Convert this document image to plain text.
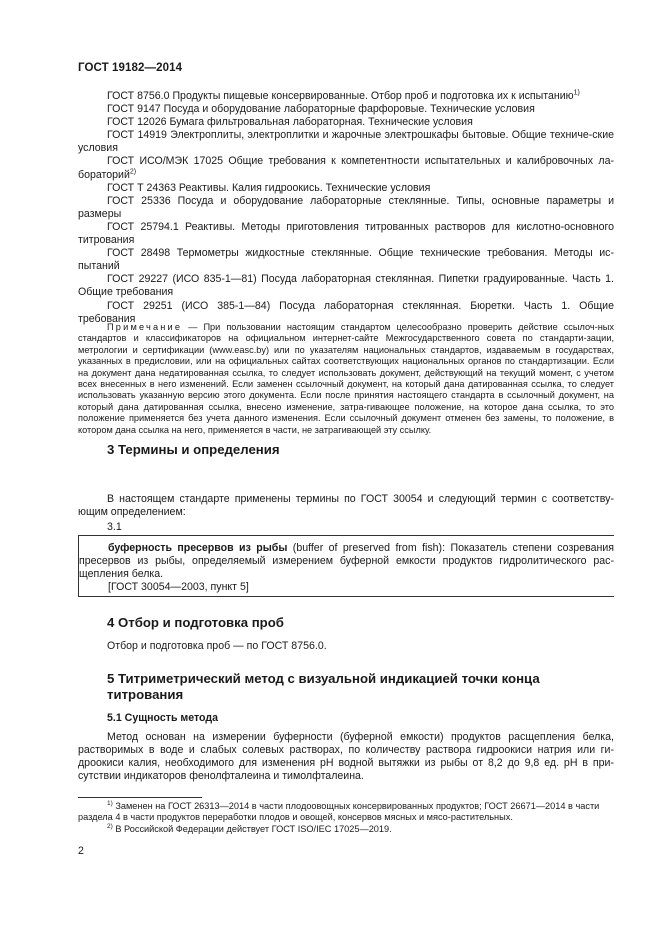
ГОСТ 19182—2014

ГОСТ 8756.0 Продукты пищевые консервированные. Отбор проб и подготовка их к испытанию$^{1)}$

ГОСТ 9147 Посуда и оборудование лабораторные фарфоровые. Технические условия

ГОСТ 12026 Бумага фильтровальная лабораторная. Технические условия

ГОСТ 14919 Электроплиты, электроплитки и жарочные электрошкафы бытовые. Общие техниче-ские условия

ГОСТ ИСО/МЭК 17025 Общие требования к компетентности испытательных и калибровочных ла-бораторий$^{2)}$

ГОСТ Т 24363 Реактивы. Калия гидроокись. Технические условия

ГОСТ 25336 Посуда и оборудование лабораторные стеклянные. Типы, основные параметры и размеры

ГОСТ 25794.1 Реактивы. Методы приготовления титрованных растворов для кислотно-основного титрования

ГОСТ 28498 Термометры жидкостные стеклянные. Общие технические требования. Методы ис-пытаний

ГОСТ 29227 (ИСО 835-1—81) Посуда лабораторная стеклянная. Пипетки градуированные. Часть 1. Общие требования

ГОСТ 29251 (ИСО 385-1—84) Посуда лабораторная стеклянная. Бюретки. Часть 1. Общие требования

Примечание — При пользовании настоящим стандартом целесообразно проверить действие ссылоч-ных стандартов и классификаторов на официальном интернет-сайте Межгосударственного совета по стандарти-зации, метрологии и сертификации (www.easc.by) или по указателям национальных стандартов, издаваемым в государствах, указанных в предисловии, или на официальных сайтах соответствующих национальных органов по стандартизации. Если на документ дана недатированная ссылка, то следует использовать документ, действующий на текущий момент, с учетом всех внесенных в него изменений. Если заменен ссылочный документ, на который дана датированная ссылка, то следует использовать указанную версию этого документа. Если после принятия настоящего стандарта в ссылочный документ, на который дана датированная ссылка, внесено изменение, затра-гивающее положение, на которое дана ссылка, то это положение применяется без учета данного изменения. Если ссылочный документ отменен без замены, то положение, в котором дана ссылка на него, применяется в части, не затрагивающей эту ссылку.

3 Термины и определения

В настоящем стандарте применены термины по ГОСТ 30054 и следующий термин с соответству-ющим определением:

3.1

буферность пресервов из рыбы (buffer of preserved from fish): Показатель степени созревания пресервов из рыбы, определяемый измерением буферной емкости продуктов гидролитического рас-щепления белка.

[ГОСТ 30054—2003, пункт 5]

4 Отбор и подготовка проб

Отбор и подготовка проб — по ГОСТ 8756.0.

5 Титриметрический метод с визуальной индикацией точки конца титрования
5.1 Сущность метода

Метод основан на измерении буферности (буферной емкости) продуктов расщепления белка, растворимых в воде и слабых солевых растворах, по количеству раствора гидроокиси натрия или ги-дроокиси калия, необходимого для изменения pH водной вытяжки из рыбы от 8,2 до 9,8 ед. pH в при-сутствии индикаторов фенолфталеина и тимолфталеина.

$^{1)}$ Заменен на ГОСТ 26313—2014 в части плодоовощных консервированных продуктов; ГОСТ 26671—2014 в части раздела 4 в части продуктов переработки плодов и овощей, консервов мясных и мясо-растительных.

$^{2)}$ В Российской Федерации действует ГОСТ ISO/IEC 17025—2019.

2
